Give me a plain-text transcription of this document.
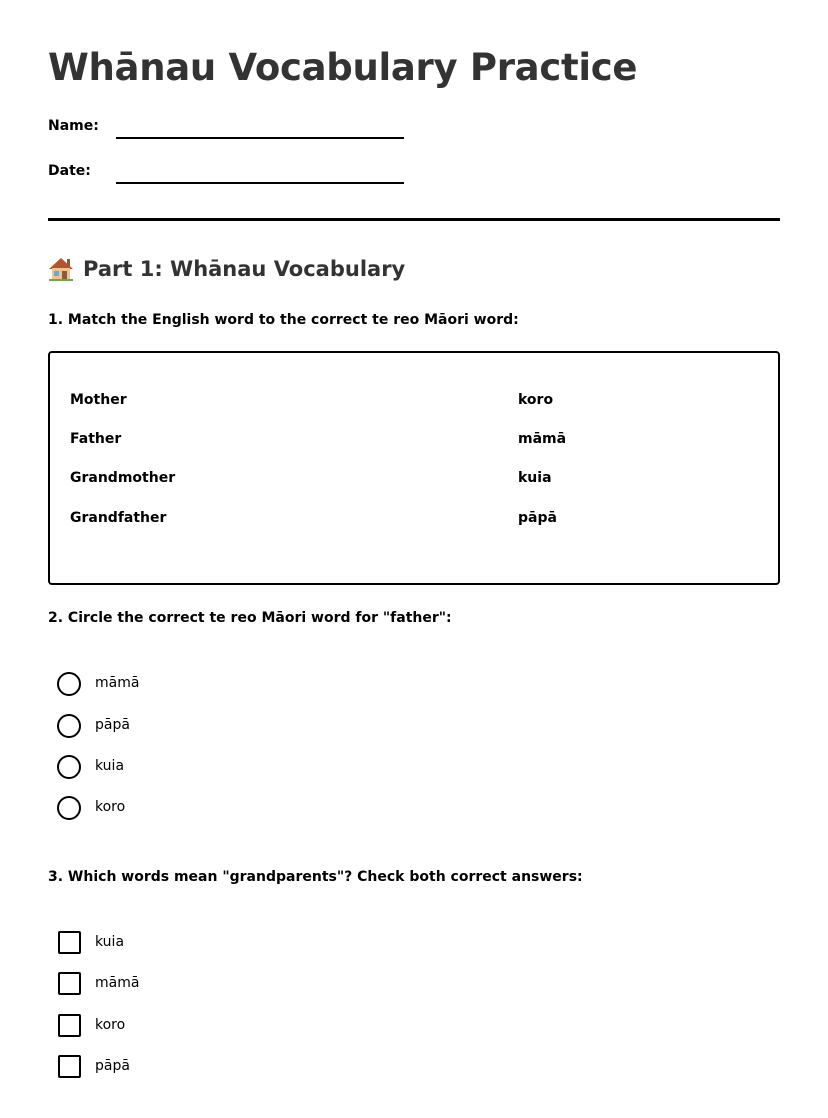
Whānau Vocabulary Practice
Name:
Date:
Part 1: Whānau Vocabulary
1. Match the English word to the correct te reo Māori word:
Mother
Father
Grandmother
Grandfather
koro
māmā
kuia
pāpā
2. Circle the correct te reo Māori word for "father":
māmā
pāpā
kuia
koro
3. Which words mean "grandparents"? Check both correct answers:
kuia
māmā
koro
pāpā
